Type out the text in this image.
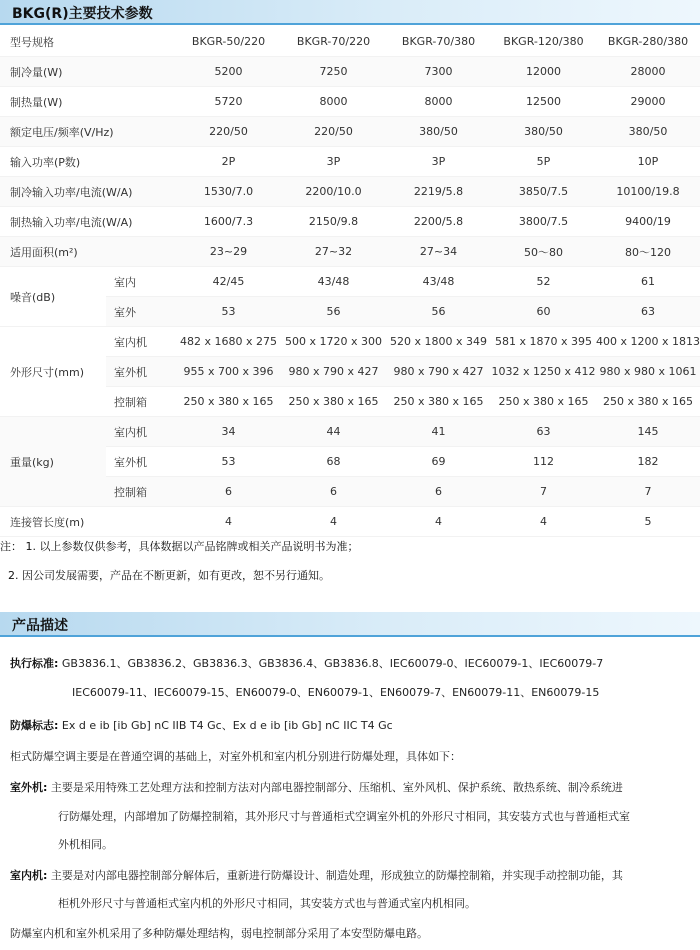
BKG(R)主要技术参数
型号规格		BKGR-50/220	BKGR-70/220	BKGR-70/380	BKGR-120/380	BKGR-280/380
制冷量(W)		5200	7250	7300	12000	28000
制热量(W)		5720	8000	8000	12500	29000
额定电压/频率(V/Hz)		220/50	220/50	380/50	380/50	380/50
输入功率(P数)		2P	3P	3P	5P	10P
制冷输入功率/电流(W/A)		1530/7.0	2200/10.0	2219/5.8	3850/7.5	10100/19.8
制热输入功率/电流(W/A)		1600/7.3	2150/9.8	2200/5.8	3800/7.5	9400/19
适用面积(m²)		23~29	27~32	27~34	50～80	80～120
噪音(dB)	室内	42/45	43/48	43/48	52	61
	室外	53	56	56	60	63
外形尺寸(mm)	室内机	482 x 1680 x 275	500 x 1720 x 300	520 x 1800 x 349	581 x 1870 x 395	400 x 1200 x 1813
	室外机	955 x 700 x 396	980 x 790 x 427	980 x 790 x 427	1032 x 1250 x 412	980 x 980 x 1061
	控制箱	250 x 380 x 165	250 x 380 x 165	250 x 380 x 165	250 x 380 x 165	250 x 380 x 165
重量(kg)	室内机	34	44	41	63	145
	室外机	53	68	69	112	182
	控制箱	6	6	6	7	7
连接管长度(m)		4	4	4	4	5
注： 1. 以上参数仅供参考，具体数据以产品铭牌或相关产品说明书为准；
2. 因公司发展需要，产品在不断更新，如有更改，恕不另行通知。
产品描述
执行标准: GB3836.1、GB3836.2、GB3836.3、GB3836.4、GB3836.8、IEC60079-0、IEC60079-1、IEC60079-7
IEC60079-11、IEC60079-15、EN60079-0、EN60079-1、EN60079-7、EN60079-11、EN60079-15
防爆标志: Ex d e ib [ib Gb] nC IIB T4 Gc、Ex d e ib [ib Gb] nC IIC T4 Gc
柜式防爆空调主要是在普通空调的基础上，对室外机和室内机分别进行防爆处理，具体如下：
室外机: 主要是采用特殊工艺处理方法和控制方法对内部电器控制部分、压缩机、室外风机、保护系统、散热系统、制冷系统进
行防爆处理，内部增加了防爆控制箱，其外形尺寸与普通柜式空调室外机的外形尺寸相同，其安装方式也与普通柜式室
外机相同。
室内机: 主要是对内部电器控制部分解体后，重新进行防爆设计、制造处理，形成独立的防爆控制箱，并实现手动控制功能，其
柜机外形尺寸与普通柜式室内机的外形尺寸相同，其安装方式也与普通式室内机相同。
防爆室内机和室外机采用了多种防爆处理结构，弱电控制部分采用了本安型防爆电路。
